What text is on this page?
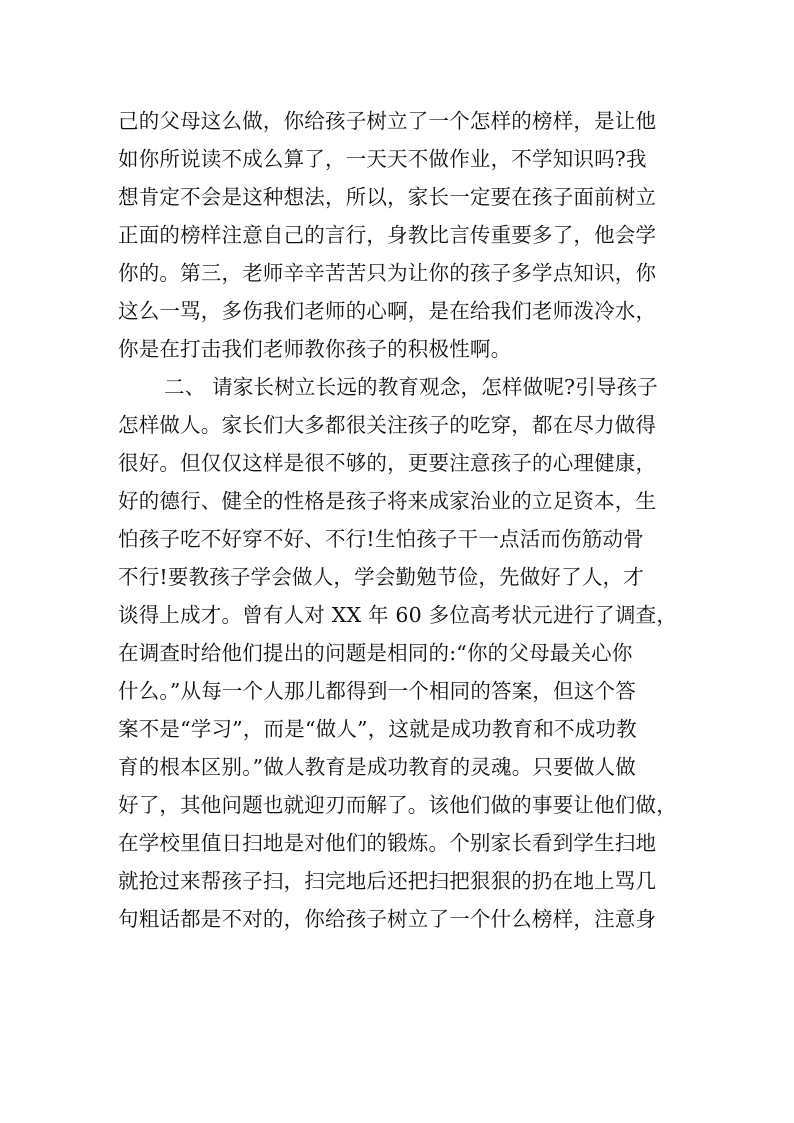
己的父母这么做，你给孩子树立了一个怎样的榜样，是让他
如你所说读不成么算了，一天天不做作业，不学知识吗?我
想肯定不会是这种想法，所以，家长一定要在孩子面前树立
正面的榜样注意自己的言行，身教比言传重要多了，他会学
你的。第三，老师辛辛苦苦只为让你的孩子多学点知识，你
这么一骂，多伤我们老师的心啊，是在给我们老师泼冷水，
你是在打击我们老师教你孩子的积极性啊。
二、 请家长树立长远的教育观念，怎样做呢?引导孩子
怎样做人。家长们大多都很关注孩子的吃穿，都在尽力做得
很好。但仅仅这样是很不够的，更要注意孩子的心理健康，
好的德行、健全的性格是孩子将来成家治业的立足资本，生
怕孩子吃不好穿不好、不行!生怕孩子干一点活而伤筋动骨
不行!要教孩子学会做人，学会勤勉节俭，先做好了人，才
谈得上成才。曾有人对 XX 年 60 多位高考状元进行了调查，
在调查时给他们提出的问题是相同的:“你的父母最关心你
什么。”从每一个人那儿都得到一个相同的答案，但这个答
案不是“学习”，而是“做人”，这就是成功教育和不成功教
育的根本区别。”做人教育是成功教育的灵魂。只要做人做
好了，其他问题也就迎刃而解了。该他们做的事要让他们做，
在学校里值日扫地是对他们的锻炼。个别家长看到学生扫地
就抢过来帮孩子扫，扫完地后还把扫把狠狠的扔在地上骂几
句粗话都是不对的，你给孩子树立了一个什么榜样，注意身
